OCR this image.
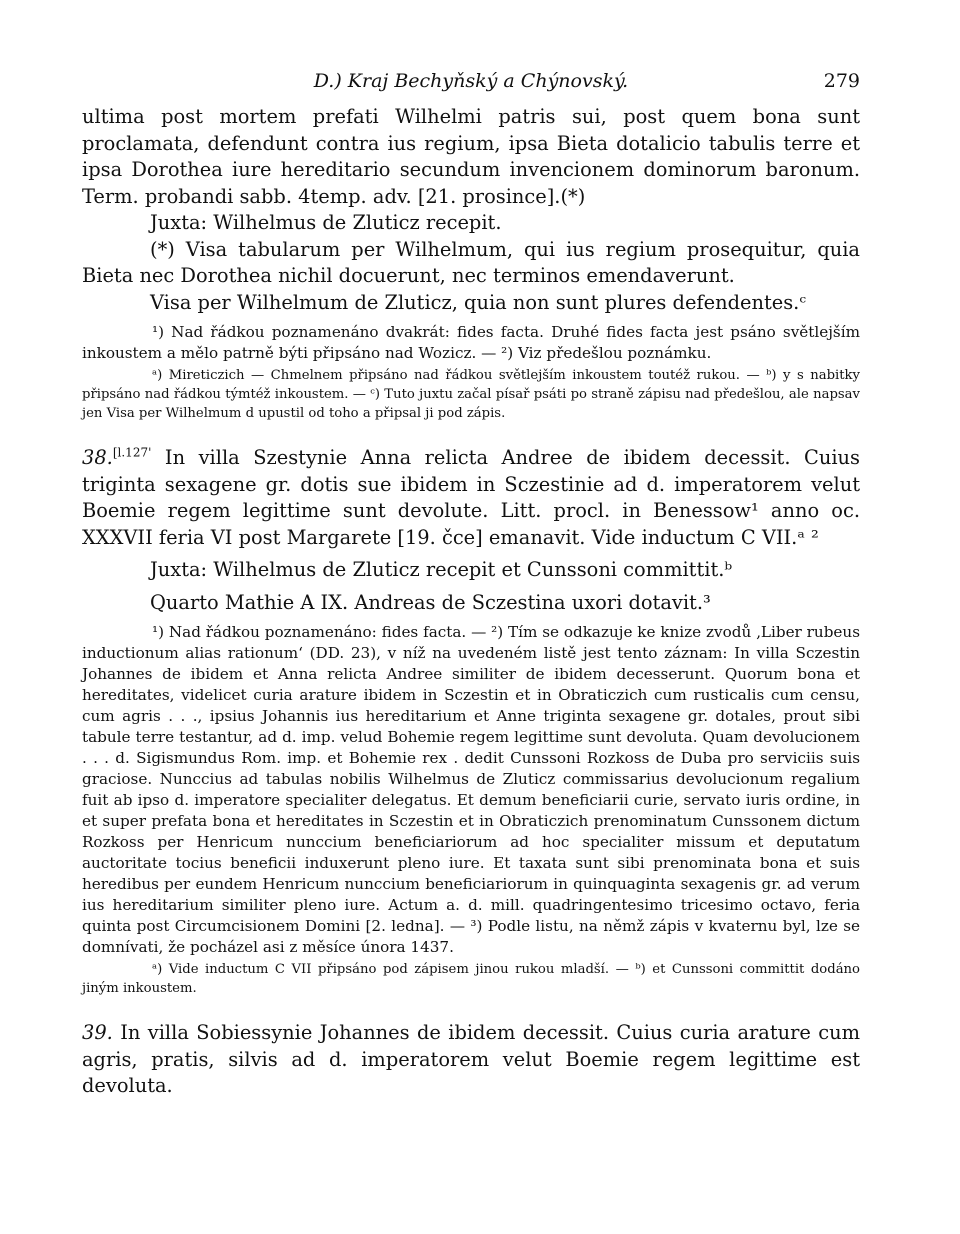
D.) Kraj Bechyňský a Chýnovský.	279

ultima post mortem prefati Wilhelmi patris sui, post quem bona sunt proclamata, defendunt contra ius regium, ipsa Bieta dotalicio tabulis terre et ipsa Dorothea iure hereditario secundum invencionem dominorum baronum. Term. probandi sabb. 4temp. adv. [21. prosince].(*)

Juxta: Wilhelmus de Zluticz recepit.

(*) Visa tabularum per Wilhelmum, qui ius regium prosequitur, quia Bieta nec Dorothea nichil docuerunt, nec terminos emendaverunt.

Visa per Wilhelmum de Zluticz, quia non sunt plures defendentes.ᶜ

¹) Nad řádkou poznamenáno dvakrát: fides facta. Druhé fides facta jest psáno světlejším inkoustem a mělo patrně býti připsáno nad Wozicz. — ²) Viz předešlou poznámku.

ᵃ) Mireticzich — Chmelnem připsáno nad řádkou světlejším inkoustem toutéž rukou. — ᵇ) y s nabitky připsáno nad řádkou týmtéž inkoustem. — ᶜ) Tuto juxtu začal písař psáti po straně zápisu nad předešlou, ale napsav jen Visa per Wilhelmum d upustil od toho a připsal ji pod zápis.

38.$^{[l.127'}$ In villa Szestynie Anna relicta Andree de ibidem decessit. Cuius triginta sexagene gr. dotis sue ibidem in Sczestinie ad d. imperatorem velut Boemie regem legittime sunt devolute. Litt. procl. in Benessow¹ anno oc. XXXVII feria VI post Margarete [19. čce] emanavit. Vide inductum C VII.ᵃ ²

Juxta: Wilhelmus de Zluticz recepit et Cunssoni committit.ᵇ

Quarto Mathie A IX. Andreas de Sczestina uxori dotavit.³

¹) Nad řádkou poznamenáno: fides facta. — ²) Tím se odkazuje ke knize zvodů ‚Liber rubeus inductionum alias rationum‘ (DD. 23), v níž na uvedeném listě jest tento záznam: In villa Sczestin Johannes de ibidem et Anna relicta Andree similiter de ibidem decesserunt. Quorum bona et hereditates, videlicet curia arature ibidem in Sczestin et in Obraticzich cum rusticalis cum censu, cum agris . . ., ipsius Johannis ius hereditarium et Anne triginta sexagene gr. dotales, prout sibi tabule terre testantur, ad d. imp. velud Bohemie regem legittime sunt devoluta. Quam devolucionem . . . d. Sigismundus Rom. imp. et Bohemie rex . dedit Cunssoni Rozkoss de Duba pro serviciis suis graciose. Nunccius ad tabulas nobilis Wilhelmus de Zluticz commissarius devolucionum regalium fuit ab ipso d. imperatore specialiter delegatus. Et demum beneficiarii curie, servato iuris ordine, in et super prefata bona et hereditates in Sczestin et in Obraticzich prenominatum Cunssonem dictum Rozkoss per Henricum nunccium beneficiariorum ad hoc specialiter missum et deputatum auctoritate tocius beneficii induxerunt pleno iure. Et taxata sunt sibi prenominata bona et suis heredibus per eundem Henricum nunccium beneficiariorum in quinquaginta sexagenis gr. ad verum ius hereditarium similiter pleno iure. Actum a. d. mill. quadringentesimo tricesimo octavo, feria quinta post Circumcisionem Domini [2. ledna]. — ³) Podle listu, na němž zápis v kvaternu byl, lze se domnívati, že pocházel asi z měsíce února 1437.

ᵃ) Vide inductum C VII připsáno pod zápisem jinou rukou mladší. — ᵇ) et Cunssoni committit dodáno jiným inkoustem.

39. In villa Sobiessynie Johannes de ibidem decessit. Cuius curia arature cum agris, pratis, silvis ad d. imperatorem velut Boemie regem legittime est devoluta.
